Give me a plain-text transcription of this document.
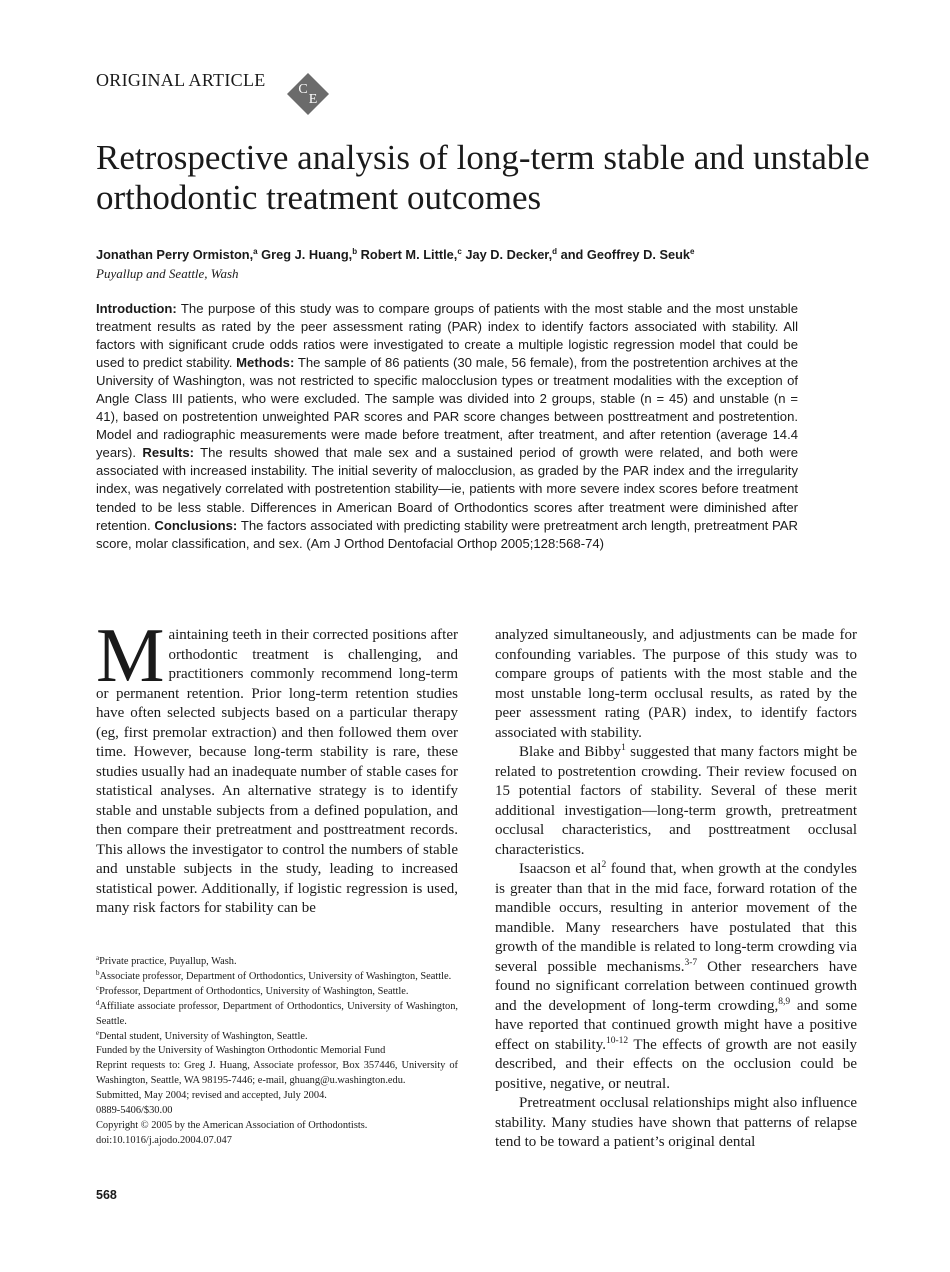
ORIGINAL ARTICLE C
E
Retrospective analysis of long-term stable and unstable orthodontic treatment outcomes
Jonathan Perry Ormiston,$^a$ Greg J. Huang,$^b$ Robert M. Little,$^c$ Jay D. Decker,$^d$ and Geoffrey D. Seuk$^e$
Puyallup and Seattle, Wash

Introduction: The purpose of this study was to compare groups of patients with the most stable and the most unstable treatment results as rated by the peer assessment rating (PAR) index to identify factors associated with stability. All factors with significant crude odds ratios were investigated to create a multiple logistic regression model that could be used to predict stability. Methods: The sample of 86 patients (30 male, 56 female), from the postretention archives at the University of Washington, was not restricted to specific malocclusion types or treatment modalities with the exception of Angle Class III patients, who were excluded. The sample was divided into 2 groups, stable (n = 45) and unstable (n = 41), based on postretention unweighted PAR scores and PAR score changes between posttreatment and postretention. Model and radiographic measurements were made before treatment, after treatment, and after retention (average 14.4 years). Results: The results showed that male sex and a sustained period of growth were related, and both were associated with increased instability. The initial severity of malocclusion, as graded by the PAR index and the irregularity index, was negatively correlated with postretention stability—ie, patients with more severe index scores before treatment tended to be less stable. Differences in American Board of Orthodontics scores after treatment were diminished after retention. Conclusions: The factors associated with predicting stability were pretreatment arch length, pretreatment PAR score, molar classification, and sex. (Am J Orthod Dentofacial Orthop 2005;128:568-74)

Maintaining teeth in their corrected positions after orthodontic treatment is challenging, and practitioners commonly recommend long-term or permanent retention. Prior long-term retention studies have often selected subjects based on a particular therapy (eg, first premolar extraction) and then followed them over time. However, because long-term stability is rare, these studies usually had an inadequate number of stable cases for statistical analyses. An alternative strategy is to identify stable and unstable subjects from a defined population, and then compare their pretreatment and posttreatment records. This allows the investigator to control the numbers of stable and unstable subjects in the study, leading to increased statistical power. Additionally, if logistic regression is used, many risk factors for stability can be

$^a$Private practice, Puyallup, Wash.

$^b$Associate professor, Department of Orthodontics, University of Washington, Seattle.

$^c$Professor, Department of Orthodontics, University of Washington, Seattle.

$^d$Affiliate associate professor, Department of Orthodontics, University of Washington, Seattle.

$^e$Dental student, University of Washington, Seattle.

Funded by the University of Washington Orthodontic Memorial Fund

Reprint requests to: Greg J. Huang, Associate professor, Box 357446, University of Washington, Seattle, WA 98195-7446; e-mail, ghuang@u.washington.edu.

Submitted, May 2004; revised and accepted, July 2004.

0889-5406/$30.00

Copyright © 2005 by the American Association of Orthodontists.

doi:10.1016/j.ajodo.2004.07.047

analyzed simultaneously, and adjustments can be made for confounding variables. The purpose of this study was to compare groups of patients with the most stable and the most unstable long-term occlusal results, as rated by the peer assessment rating (PAR) index, to identify factors associated with stability.

Blake and Bibby$^1$ suggested that many factors might be related to postretention crowding. Their review focused on 15 potential factors of stability. Several of these merit additional investigation—long-term growth, pretreatment occlusal characteristics, and posttreatment occlusal characteristics.

Isaacson et $al^2$ found that, when growth at the condyles is greater than that in the mid face, forward rotation of the mandible occurs, resulting in anterior movement of the mandible. Many researchers have postulated that this growth of the mandible is related to long-term crowding via several possible mechanisms.$^{3-7}$ Other researchers have found no significant correlation between continued growth and the development of long-term crowding,$^{8,9}$ and some have reported that continued growth might have a positive effect on stability.$^{10-12}$ The effects of growth are not easily described, and their effects on the occlusion could be positive, negative, or neutral.

Pretreatment occlusal relationships might also influence stability. Many studies have shown that patterns of relapse tend to be toward a patient’s original dental

568
